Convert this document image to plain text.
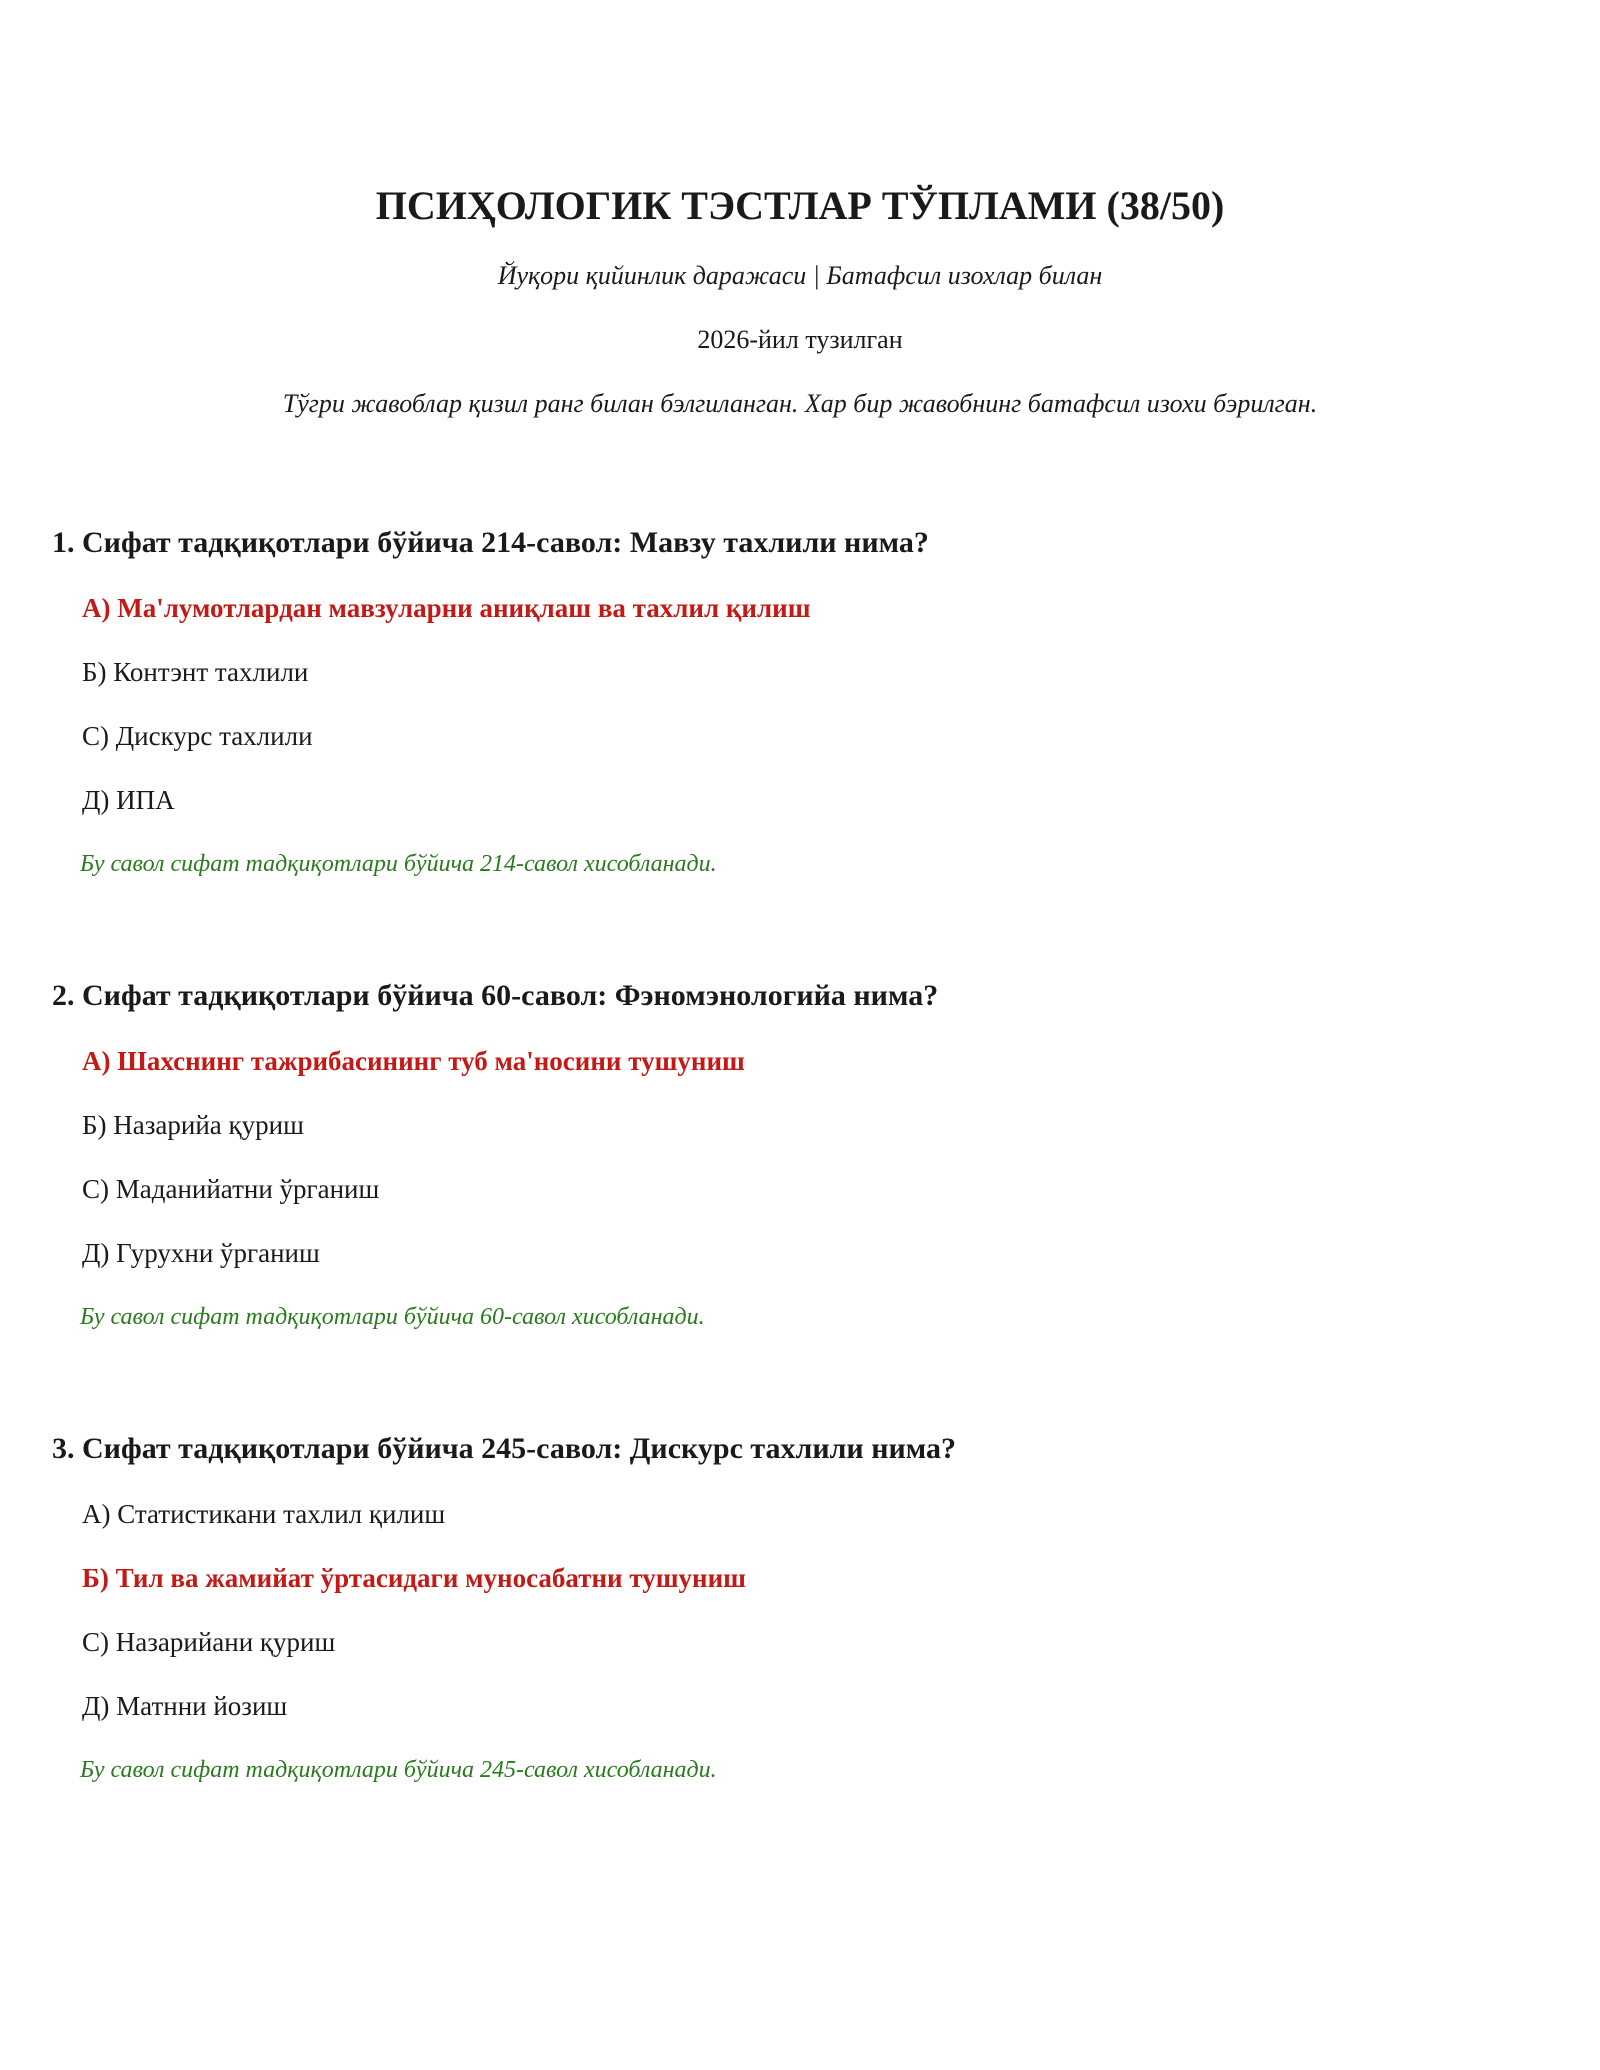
ПСИҲОЛОГИК ТЭСТЛАР ТЎПЛАМИ (38/50)
Йуқори қийинлик даражаси | Батафсил изохлар билан
2026-йил тузилган
Тўгри жавоблар қизил ранг билан бэлгиланган. Хар бир жавобнинг батафсил изохи бэрилган.
1. Сифат тадқиқотлари бўйича 214-савол: Мавзу тахлили нима?
А) Ма'лумотлардан мавзуларни аниқлаш ва тахлил қилиш
Б) Контэнт тахлили
С) Дискурс тахлили
Д) ИПА
Бу савол сифат тадқиқотлари бўйича 214-савол хисобланади.
2. Сифат тадқиқотлари бўйича 60-савол: Фэномэнологийа нима?
А) Шахснинг тажрибасининг туб ма'носини тушуниш
Б) Назарийа қуриш
С) Маданийатни ўрганиш
Д) Гурухни ўрганиш
Бу савол сифат тадқиқотлари бўйича 60-савол хисобланади.
3. Сифат тадқиқотлари бўйича 245-савол: Дискурс тахлили нима?
А) Статистикани тахлил қилиш
Б) Тил ва жамийат ўртасидаги муносабатни тушуниш
С) Назарийани қуриш
Д) Матнни йозиш
Бу савол сифат тадқиқотлари бўйича 245-савол хисобланади.
